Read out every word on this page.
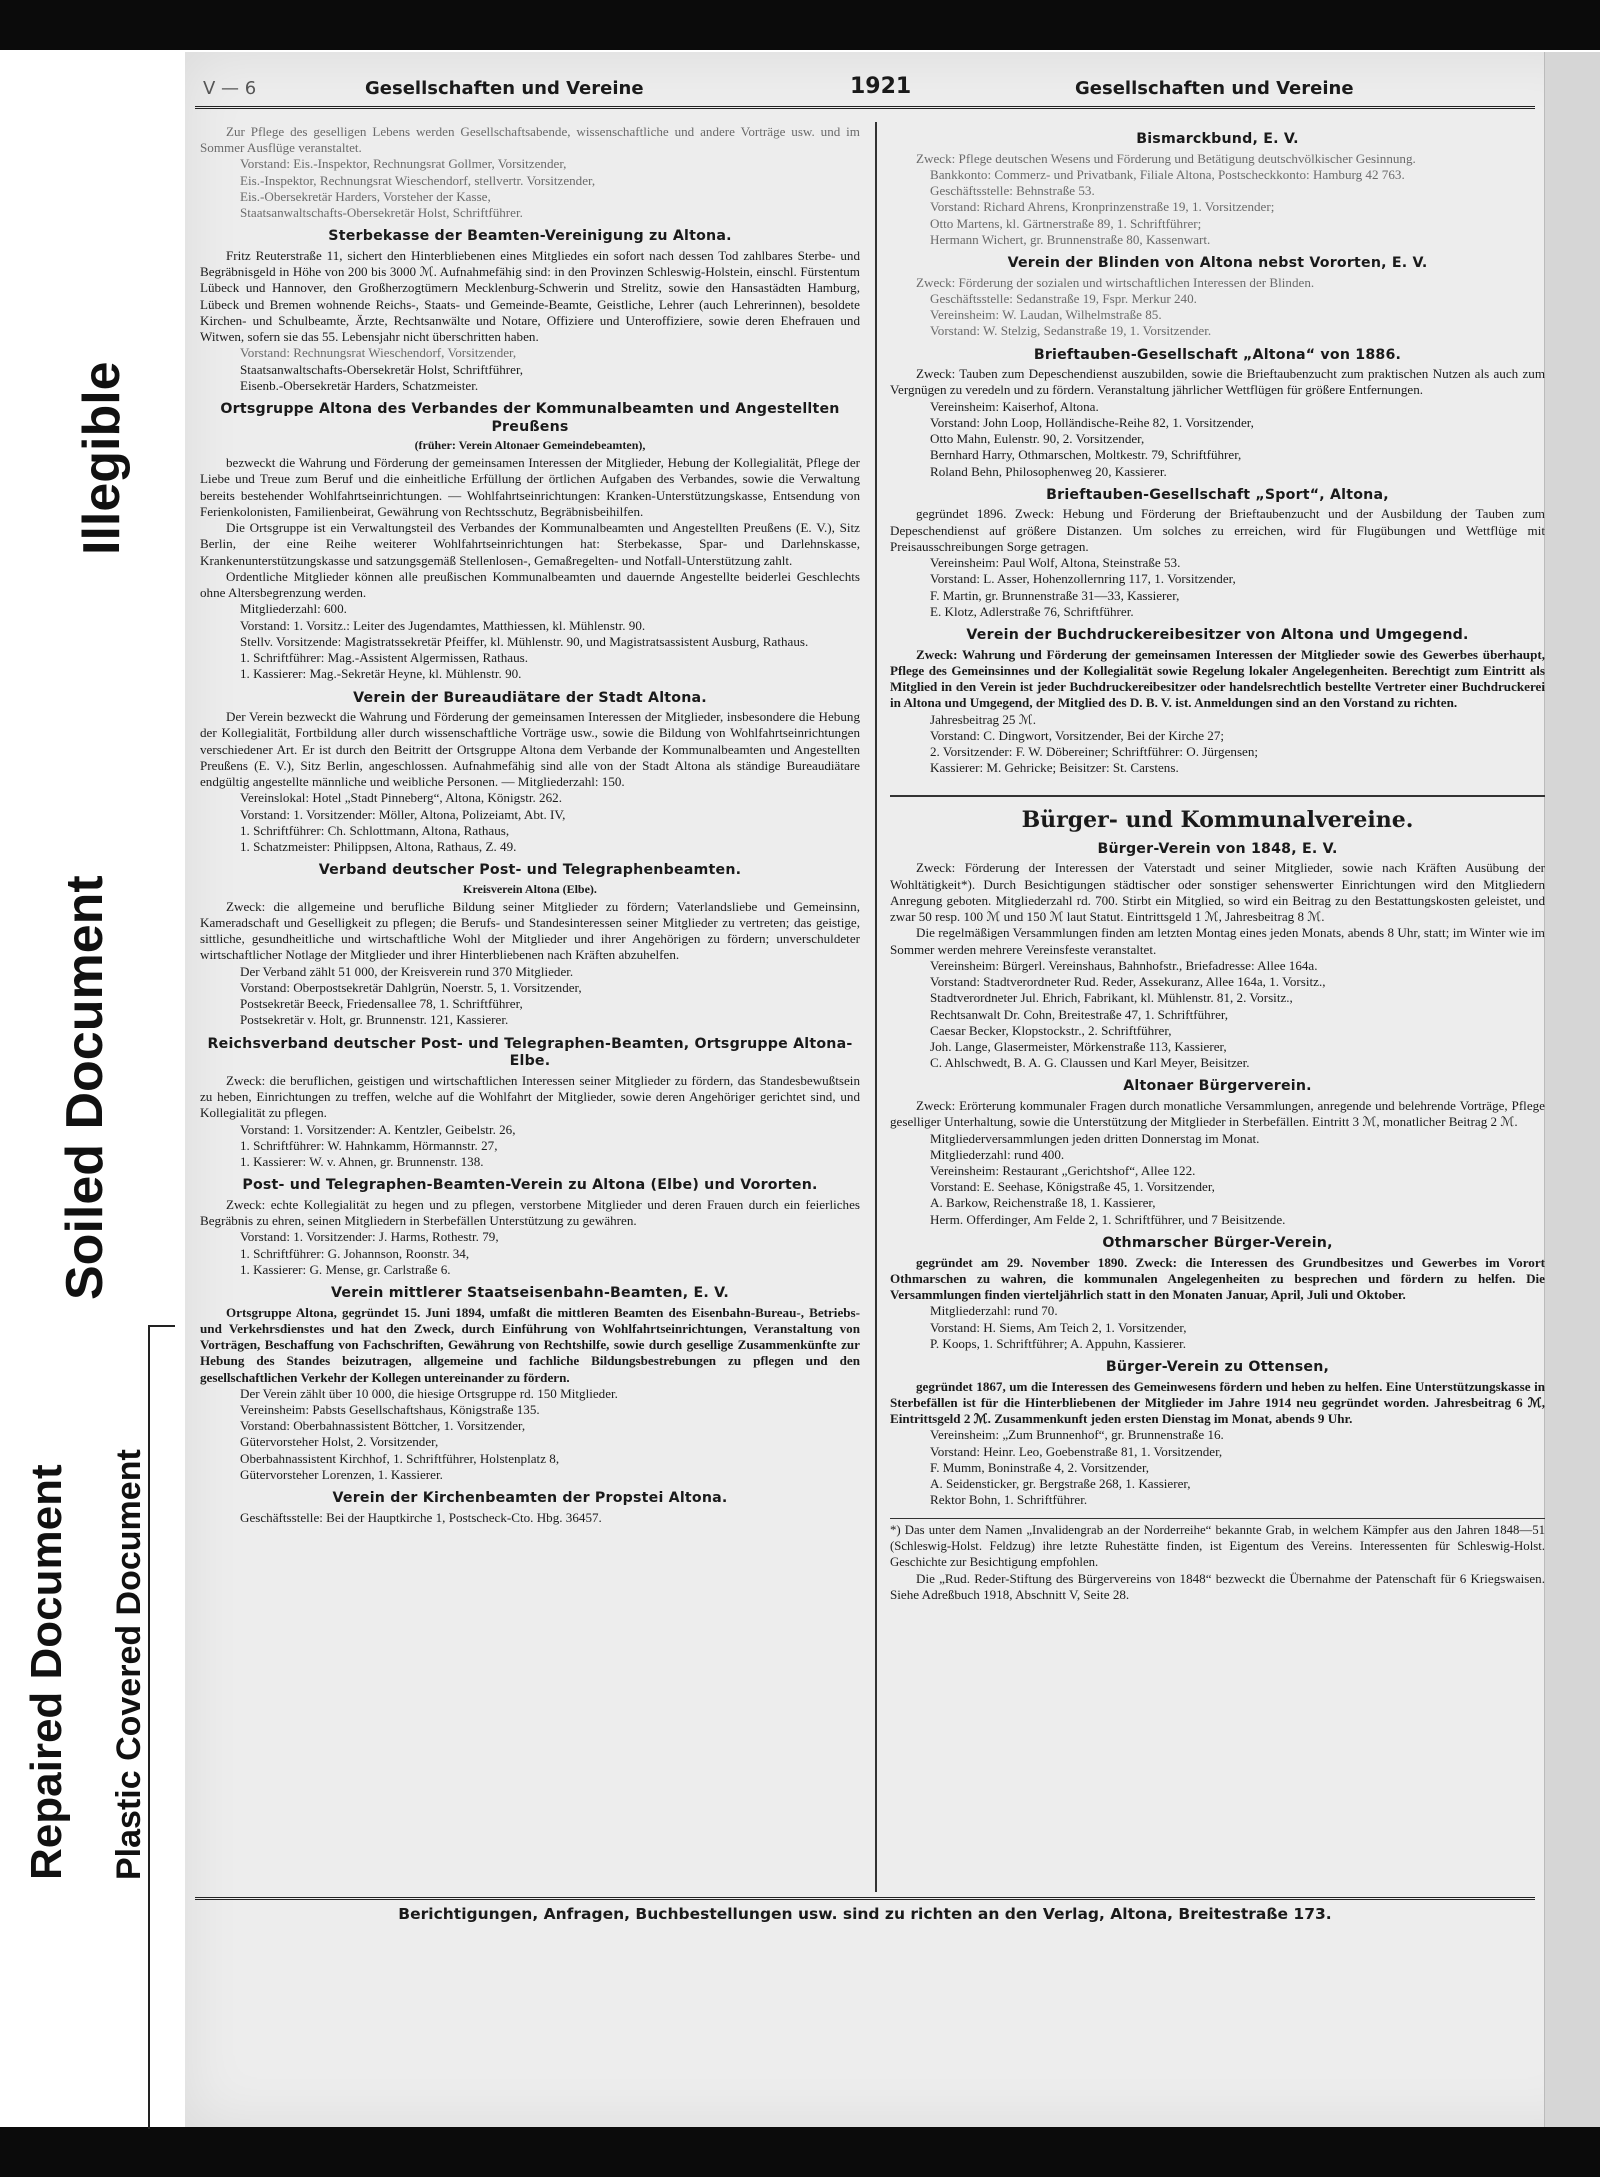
Illegible
Soiled Document
Repaired Document Plastic Covered Document
V — 6	Gesellschaften und Vereine	1921	Gesellschaften und Vereine
Zur Pflege des geselligen Lebens werden Gesellschaftsabende, wissenschaftliche und andere Vorträge usw. und im Sommer Ausflüge veranstaltet.
Vorstand: Eis.-Inspektor, Rechnungsrat Gollmer, Vorsitzender,
Eis.-Inspektor, Rechnungsrat Wieschendorf, stellvertr. Vorsitzender,
Eis.-Obersekretär Harders, Vorsteher der Kasse,
Staatsanwaltschafts-Obersekretär Holst, Schriftführer.
Sterbekasse der Beamten-Vereinigung zu Altona.
Fritz Reuterstraße 11, sichert den Hinterbliebenen eines Mitgliedes ein sofort nach dessen Tod zahlbares Sterbe- und Begräbnisgeld in Höhe von 200 bis 3000 ℳ. Aufnahmefähig sind: in den Provinzen Schleswig-Holstein, einschl. Fürstentum Lübeck und Hannover, den Großherzogtümern Mecklenburg-Schwerin und Strelitz, sowie den Hansastädten Hamburg, Lübeck und Bremen wohnende Reichs-, Staats- und Gemeinde-Beamte, Geistliche, Lehrer (auch Lehrerinnen), besoldete Kirchen- und Schulbeamte, Ärzte, Rechtsanwälte und Notare, Offiziere und Unteroffiziere, sowie deren Ehefrauen und Witwen, sofern sie das 55. Lebensjahr nicht überschritten haben.
Vorstand: Rechnungsrat Wieschendorf, Vorsitzender,
Staatsanwaltschafts-Obersekretär Holst, Schriftführer,
Eisenb.-Obersekretär Harders, Schatzmeister.
Ortsgruppe Altona des Verbandes der Kommunalbeamten und Angestellten Preußens
(früher: Verein Altonaer Gemeindebeamten),
bezweckt die Wahrung und Förderung der gemeinsamen Interessen der Mitglieder, Hebung der Kollegialität, Pflege der Liebe und Treue zum Beruf und die einheitliche Erfüllung der örtlichen Aufgaben des Verbandes, sowie die Verwaltung bereits bestehender Wohlfahrtseinrichtungen. — Wohlfahrtseinrichtungen: Kranken-Unterstützungskasse, Entsendung von Ferienkolonisten, Familienbeirat, Gewährung von Rechtsschutz, Begräbnisbeihilfen.
Die Ortsgruppe ist ein Verwaltungsteil des Verbandes der Kommunalbeamten und Angestellten Preußens (E. V.), Sitz Berlin, der eine Reihe weiterer Wohlfahrtseinrichtungen hat: Sterbekasse, Spar- und Darlehnskasse, Krankenunterstützungskasse und satzungsgemäß Stellenlosen-, Gemaßregelten- und Notfall-Unterstützung zahlt.
Ordentliche Mitglieder können alle preußischen Kommunalbeamten und dauernde Angestellte beiderlei Geschlechts ohne Altersbegrenzung werden.
Mitgliederzahl: 600.
Vorstand: 1. Vorsitz.: Leiter des Jugendamtes, Matthiessen, kl. Mühlenstr. 90.
Stellv. Vorsitzende: Magistratssekretär Pfeiffer, kl. Mühlenstr. 90, und Magistratsassistent Ausburg, Rathaus.
1. Schriftführer: Mag.-Assistent Algermissen, Rathaus.
1. Kassierer: Mag.-Sekretär Heyne, kl. Mühlenstr. 90.
Verein der Bureaudiätare der Stadt Altona.
Der Verein bezweckt die Wahrung und Förderung der gemeinsamen Interessen der Mitglieder, insbesondere die Hebung der Kollegialität, Fortbildung aller durch wissenschaftliche Vorträge usw., sowie die Bildung von Wohlfahrtseinrichtungen verschiedener Art. Er ist durch den Beitritt der Ortsgruppe Altona dem Verbande der Kommunalbeamten und Angestellten Preußens (E. V.), Sitz Berlin, angeschlossen. Aufnahmefähig sind alle von der Stadt Altona als ständige Bureaudiätare endgültig angestellte männliche und weibliche Personen. — Mitgliederzahl: 150.
Vereinslokal: Hotel „Stadt Pinneberg“, Altona, Königstr. 262.
Vorstand: 1. Vorsitzender: Möller, Altona, Polizeiamt, Abt. IV,
1. Schriftführer: Ch. Schlottmann, Altona, Rathaus,
1. Schatzmeister: Philippsen, Altona, Rathaus, Z. 49.
Verband deutscher Post- und Telegraphenbeamten.
Kreisverein Altona (Elbe).
Zweck: die allgemeine und berufliche Bildung seiner Mitglieder zu fördern; Vaterlandsliebe und Gemeinsinn, Kameradschaft und Geselligkeit zu pflegen; die Berufs- und Standesinteressen seiner Mitglieder zu vertreten; das geistige, sittliche, gesundheitliche und wirtschaftliche Wohl der Mitglieder und ihrer Angehörigen zu fördern; unverschuldeter wirtschaftlicher Notlage der Mitglieder und ihrer Hinterbliebenen nach Kräften abzuhelfen.
Der Verband zählt 51 000, der Kreisverein rund 370 Mitglieder.
Vorstand: Oberpostsekretär Dahlgrün, Noerstr. 5, 1. Vorsitzender,
Postsekretär Beeck, Friedensallee 78, 1. Schriftführer,
Postsekretär v. Holt, gr. Brunnenstr. 121, Kassierer.
Reichsverband deutscher Post- und Telegraphen-Beamten, Ortsgruppe Altona-Elbe.
Zweck: die beruflichen, geistigen und wirtschaftlichen Interessen seiner Mitglieder zu fördern, das Standesbewußtsein zu heben, Einrichtungen zu treffen, welche auf die Wohlfahrt der Mitglieder, sowie deren Angehöriger gerichtet sind, und Kollegialität zu pflegen.
Vorstand: 1. Vorsitzender: A. Kentzler, Geibelstr. 26,
1. Schriftführer: W. Hahnkamm, Hörmannstr. 27,
1. Kassierer: W. v. Ahnen, gr. Brunnenstr. 138.
Post- und Telegraphen-Beamten-Verein zu Altona (Elbe) und Vororten.
Zweck: echte Kollegialität zu hegen und zu pflegen, verstorbene Mitglieder und deren Frauen durch ein feierliches Begräbnis zu ehren, seinen Mitgliedern in Sterbefällen Unterstützung zu gewähren.
Vorstand: 1. Vorsitzender: J. Harms, Rothestr. 79,
1. Schriftführer: G. Johannson, Roonstr. 34,
1. Kassierer: G. Mense, gr. Carlstraße 6.
Verein mittlerer Staatseisenbahn-Beamten, E. V.
Ortsgruppe Altona, gegründet 15. Juni 1894, umfaßt die mittleren Beamten des Eisenbahn-Bureau-, Betriebs- und Verkehrsdienstes und hat den Zweck, durch Einführung von Wohlfahrtseinrichtungen, Veranstaltung von Vorträgen, Beschaffung von Fachschriften, Gewährung von Rechtshilfe, sowie durch gesellige Zusammenkünfte zur Hebung des Standes beizutragen, allgemeine und fachliche Bildungsbestrebungen zu pflegen und den gesellschaftlichen Verkehr der Kollegen untereinander zu fördern.
Der Verein zählt über 10 000, die hiesige Ortsgruppe rd. 150 Mitglieder.
Vereinsheim: Pabsts Gesellschaftshaus, Königstraße 135.
Vorstand: Oberbahnassistent Böttcher, 1. Vorsitzender,
Gütervorsteher Holst, 2. Vorsitzender,
Oberbahnassistent Kirchhof, 1. Schriftführer, Holstenplatz 8,
Gütervorsteher Lorenzen, 1. Kassierer.
Verein der Kirchenbeamten der Propstei Altona.
Geschäftsstelle: Bei der Hauptkirche 1, Postscheck-Cto. Hbg. 36457.
Bismarckbund, E. V.
Zweck: Pflege deutschen Wesens und Förderung und Betätigung deutschvölkischer Gesinnung.
Bankkonto: Commerz- und Privatbank, Filiale Altona, Postscheckkonto: Hamburg 42 763.
Geschäftsstelle: Behnstraße 53.
Vorstand: Richard Ahrens, Kronprinzenstraße 19, 1. Vorsitzender;
Otto Martens, kl. Gärtnerstraße 89, 1. Schriftführer;
Hermann Wichert, gr. Brunnenstraße 80, Kassenwart.
Verein der Blinden von Altona nebst Vororten, E. V.
Zweck: Förderung der sozialen und wirtschaftlichen Interessen der Blinden.
Geschäftsstelle: Sedanstraße 19, Fspr. Merkur 240.
Vereinsheim: W. Laudan, Wilhelmstraße 85.
Vorstand: W. Stelzig, Sedanstraße 19, 1. Vorsitzender.
Brieftauben-Gesellschaft „Altona“ von 1886.
Zweck: Tauben zum Depeschendienst auszubilden, sowie die Brieftaubenzucht zum praktischen Nutzen als auch zum Vergnügen zu veredeln und zu fördern. Veranstaltung jährlicher Wettflügen für größere Entfernungen.
Vereinsheim: Kaiserhof, Altona.
Vorstand: John Loop, Holländische-Reihe 82, 1. Vorsitzender,
Otto Mahn, Eulenstr. 90, 2. Vorsitzender,
Bernhard Harry, Othmarschen, Moltkestr. 79, Schriftführer,
Roland Behn, Philosophenweg 20, Kassierer.
Brieftauben-Gesellschaft „Sport“, Altona,
gegründet 1896. Zweck: Hebung und Förderung der Brieftaubenzucht und der Ausbildung der Tauben zum Depeschendienst auf größere Distanzen. Um solches zu erreichen, wird für Flugübungen und Wettflüge mit Preisausschreibungen Sorge getragen.
Vereinsheim: Paul Wolf, Altona, Steinstraße 53.
Vorstand: L. Asser, Hohenzollernring 117, 1. Vorsitzender,
F. Martin, gr. Brunnenstraße 31—33, Kassierer,
E. Klotz, Adlerstraße 76, Schriftführer.
Verein der Buchdruckereibesitzer von Altona und Umgegend.
Zweck: Wahrung und Förderung der gemeinsamen Interessen der Mitglieder sowie des Gewerbes überhaupt, Pflege des Gemeinsinnes und der Kollegialität sowie Regelung lokaler Angelegenheiten. Berechtigt zum Eintritt als Mitglied in den Verein ist jeder Buchdruckereibesitzer oder handelsrechtlich bestellte Vertreter einer Buchdruckerei in Altona und Umgegend, der Mitglied des D. B. V. ist. Anmeldungen sind an den Vorstand zu richten.
Jahresbeitrag 25 ℳ.
Vorstand: C. Dingwort, Vorsitzender, Bei der Kirche 27;
2. Vorsitzender: F. W. Döbereiner; Schriftführer: O. Jürgensen;
Kassierer: M. Gehricke; Beisitzer: St. Carstens.
Bürger- und Kommunalvereine.
Bürger-Verein von 1848, E. V.
Zweck: Förderung der Interessen der Vaterstadt und seiner Mitglieder, sowie nach Kräften Ausübung der Wohltätigkeit*). Durch Besichtigungen städtischer oder sonstiger sehenswerter Einrichtungen wird den Mitgliedern Anregung geboten. Mitgliederzahl rd. 700. Stirbt ein Mitglied, so wird ein Beitrag zu den Bestattungskosten geleistet, und zwar 50 resp. 100 ℳ und 150 ℳ laut Statut. Eintrittsgeld 1 ℳ, Jahresbeitrag 8 ℳ.
Die regelmäßigen Versammlungen finden am letzten Montag eines jeden Monats, abends 8 Uhr, statt; im Winter wie im Sommer werden mehrere Vereinsfeste veranstaltet.
Vereinsheim: Bürgerl. Vereinshaus, Bahnhofstr., Briefadresse: Allee 164a.
Vorstand: Stadtverordneter Rud. Reder, Assekuranz, Allee 164a, 1. Vorsitz.,
Stadtverordneter Jul. Ehrich, Fabrikant, kl. Mühlenstr. 81, 2. Vorsitz.,
Rechtsanwalt Dr. Cohn, Breitestraße 47, 1. Schriftführer,
Caesar Becker, Klopstockstr., 2. Schriftführer,
Joh. Lange, Glasermeister, Mörkenstraße 113, Kassierer,
C. Ahlschwedt, B. A. G. Claussen und Karl Meyer, Beisitzer.
Altonaer Bürgerverein.
Zweck: Erörterung kommunaler Fragen durch monatliche Versammlungen, anregende und belehrende Vorträge, Pflege geselliger Unterhaltung, sowie die Unterstützung der Mitglieder in Sterbefällen. Eintritt 3 ℳ, monatlicher Beitrag 2 ℳ.
Mitgliederversammlungen jeden dritten Donnerstag im Monat.
Mitgliederzahl: rund 400.
Vereinsheim: Restaurant „Gerichtshof“, Allee 122.
Vorstand: E. Seehase, Königstraße 45, 1. Vorsitzender,
A. Barkow, Reichenstraße 18, 1. Kassierer,
Herm. Offerdinger, Am Felde 2, 1. Schriftführer, und 7 Beisitzende.
Othmarscher Bürger-Verein,
gegründet am 29. November 1890. Zweck: die Interessen des Grundbesitzes und Gewerbes im Vorort Othmarschen zu wahren, die kommunalen Angelegenheiten zu besprechen und fördern zu helfen. Die Versammlungen finden vierteljährlich statt in den Monaten Januar, April, Juli und Oktober.
Mitgliederzahl: rund 70.
Vorstand: H. Siems, Am Teich 2, 1. Vorsitzender,
P. Koops, 1. Schriftführer; A. Appuhn, Kassierer.
Bürger-Verein zu Ottensen,
gegründet 1867, um die Interessen des Gemeinwesens fördern und heben zu helfen. Eine Unterstützungskasse in Sterbefällen ist für die Hinterbliebenen der Mitglieder im Jahre 1914 neu gegründet worden. Jahresbeitrag 6 ℳ, Eintrittsgeld 2 ℳ. Zusammenkunft jeden ersten Dienstag im Monat, abends 9 Uhr.
Vereinsheim: „Zum Brunnenhof“, gr. Brunnenstraße 16.
Vorstand: Heinr. Leo, Goebenstraße 81, 1. Vorsitzender,
F. Mumm, Boninstraße 4, 2. Vorsitzender,
A. Seidensticker, gr. Bergstraße 268, 1. Kassierer,
Rektor Bohn, 1. Schriftführer.
*) Das unter dem Namen „Invalidengrab an der Norderreihe“ bekannte Grab, in welchem Kämpfer aus den Jahren 1848—51 (Schleswig-Holst. Feldzug) ihre letzte Ruhestätte finden, ist Eigentum des Vereins. Interessenten für Schleswig-Holst. Geschichte zur Besichtigung empfohlen.
Die „Rud. Reder-Stiftung des Bürgervereins von 1848“ bezweckt die Übernahme der Patenschaft für 6 Kriegswaisen. Siehe Adreßbuch 1918, Abschnitt V, Seite 28.
Berichtigungen, Anfragen, Buchbestellungen usw. sind zu richten an den Verlag, Altona, Breitestraße 173.
